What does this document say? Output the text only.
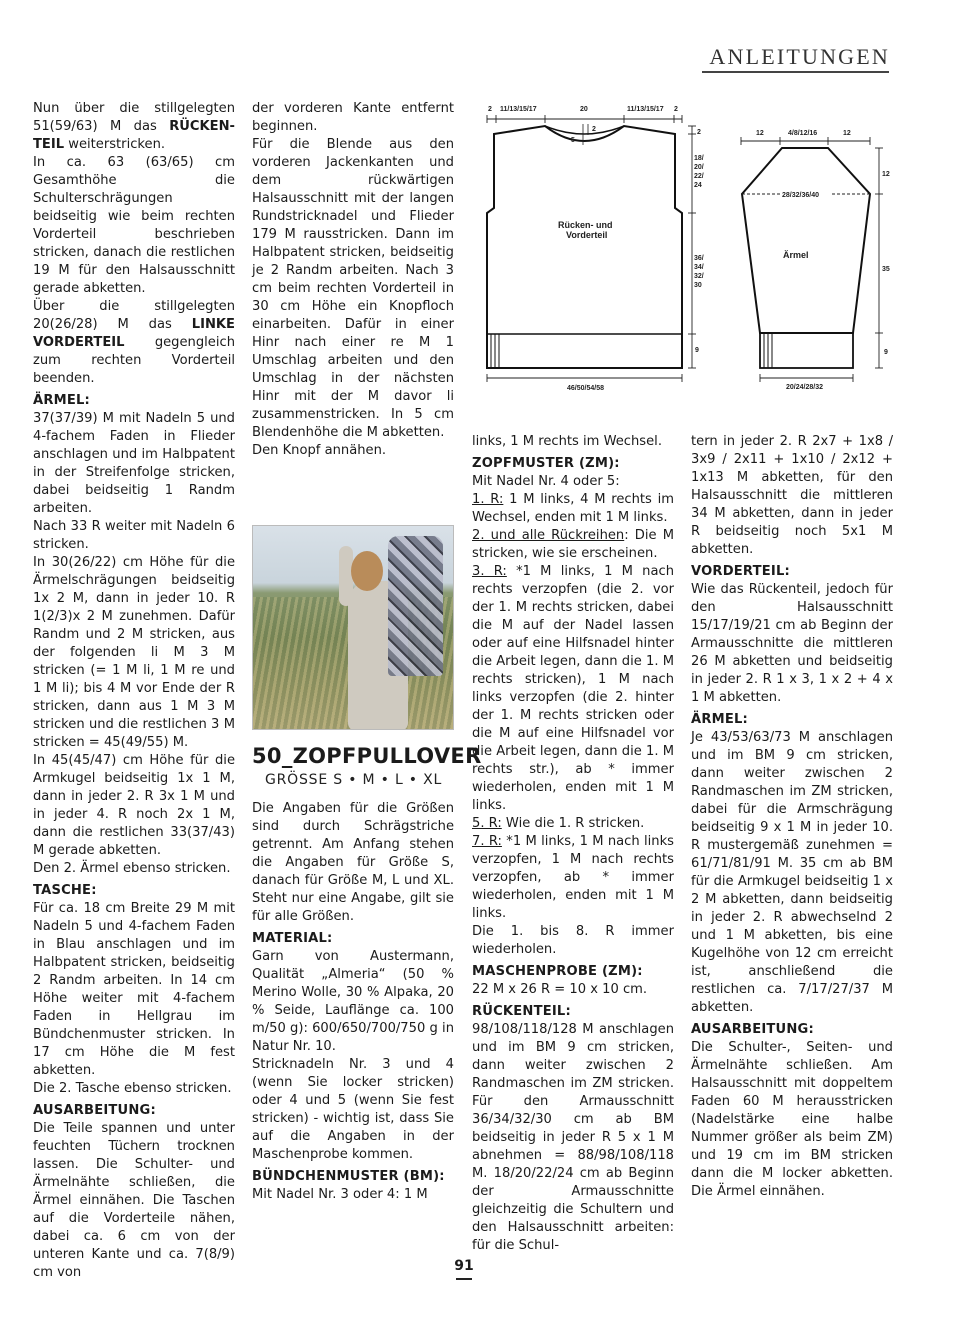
ANLEITUNGEN

Nun über die stillgelegten 51(59/63) M das RÜCKEN-TEIL weiterstricken.

In ca. 63 (63/65) cm Gesamthöhe die Schulterschrägungen beidseitig wie beim rechten Vorderteil beschrieben stricken, danach die restlichen 19 M für den Halsausschnitt gerade abketten.

Über die stillgelegten 20(26/28) M das LINKE VORDERTEIL gegengleich zum rechten Vorderteil beenden.

ÄRMEL:

37(37/39) M mit Nadeln 5 und 4-fachem Faden in Flieder anschlagen und im Halbpatent in der Streifenfolge stricken, dabei beidseitig 1 Randm arbeiten.

Nach 33 R weiter mit Nadeln 6 stricken.

In 30(26/22) cm Höhe für die Ärmelschrägungen beidseitig 1x 2 M, dann in jeder 10. R 1(2/3)x 2 M zunehmen. Dafür Randm und 2 M stricken, aus der folgenden li M 3 M stricken (= 1 M li, 1 M re und 1 M li); bis 4 M vor Ende der R stricken, dann aus 1 M 3 M stricken und die restlichen 3 M stricken = 45(49/55) M.

In 45(45/47) cm Höhe für die Armkugel beidseitig 1x 1 M, dann in jeder 2. R 3x 1 M und in jeder 4. R noch 2x 1 M, dann die restlichen 33(37/43) M gerade abketten.

Den 2. Ärmel ebenso stricken.

TASCHE:

Für ca. 18 cm Breite 29 M mit Nadeln 5 und 4-fachem Faden in Blau anschlagen und im Halbpatent stricken, beidseitig 2 Randm arbeiten. In 14 cm Höhe weiter mit 4-fachem Faden in Hellgrau im Bündchenmuster stricken. In 17 cm Höhe die M fest abketten.

Die 2. Tasche ebenso stricken.

AUSARBEITUNG:

Die Teile spannen und unter feuchten Tüchern trocknen lassen. Die Schulter- und Ärmelnähte schließen, die Ärmel einnähen. Die Taschen auf die Vorderteile nähen, dabei ca. 6 cm von der unteren Kante und ca. 7(8/9) cm von

der vorderen Kante entfernt beginnen.

Für die Blende aus den vorderen Jackenkanten und dem rückwärtigen Halsausschnitt mit der langen Rundstricknadel und Flieder 179 M rausstricken. Dann im Halbpatent stricken, beidseitig je 2 Randm arbeiten. Nach 3 cm beim rechten Vorderteil in 30 cm Höhe ein Knopfloch einarbeiten. Dafür in einer Hinr nach einer re M 1 Umschlag arbeiten und den Umschlag in der nächsten Hinr mit der M davor li zusammenstricken. In 5 cm Blendenhöhe die M abketten.

Den Knopf annähen.

50_ZOPFPULLOVER
GRÖSSE S • M • L • XL

Die Angaben für die Größen sind durch Schrägstriche getrennt. Am Anfang stehen die Angaben für Größe S, danach für Größe M, L und XL. Steht nur eine Angabe, gilt sie für alle Größen.

MATERIAL:

Garn von Austermann, Qualität „Almeria“ (50 % Merino Wolle, 30 % Alpaka, 20 % Seide, Lauflänge ca. 100 m/50 g): 600/650/700/750 g in Natur Nr. 10.

Stricknadeln Nr. 3 und 4 (wenn Sie locker stricken) oder 4 und 5 (wenn Sie fest stricken) - wichtig ist, dass Sie auf die Angaben in der Maschenprobe kommen.

BÜNDCHENMUSTER (BM):

Mit Nadel Nr. 3 oder 4: 1 M

links, 1 M rechts im Wechsel.

ZOPFMUSTER (ZM):

Mit Nadel Nr. 4 oder 5:

1. R: 1 M links, 4 M rechts im Wechsel, enden mit 1 M links.

2. und alle Rückreihen: Die M stricken, wie sie erscheinen.

3. R: *1 M links, 1 M nach rechts verzopfen (die 2. vor der 1. M rechts stricken, dabei die M auf der Nadel lassen oder auf eine Hilfsnadel hinter die Arbeit legen, dann die 1. M rechts stricken), 1 M nach links verzopfen (die 2. hinter der 1. M rechts stricken oder die M auf eine Hilfsnadel vor die Arbeit legen, dann die 1. M rechts str.), ab * immer wiederholen, enden mit 1 M links.

5. R: Wie die 1. R stricken.

7. R: *1 M links, 1 M nach links verzopfen, 1 M nach rechts verzopfen, ab * immer wiederholen, enden mit 1 M links.

Die 1. bis 8. R immer wiederholen.

MASCHENPROBE (ZM):

22 M x 26 R = 10 x 10 cm.

RÜCKENTEIL:

98/108/118/128 M anschlagen und im BM 9 cm stricken, dann weiter zwischen 2 Randmaschen im ZM stricken. Für den Armausschnitt 36/34/32/30 cm ab BM beidseitig in jeder R 5 x 1 M abnehmen = 88/98/108/118 M. 18/20/22/24 cm ab Beginn der Armausschnitte gleichzeitig die Schultern und den Halsausschnitt arbeiten: für die Schul-

tern in jeder 2. R 2x7 + 1x8 / 3x9 / 2x11 + 1x10 / 2x12 + 1x13 M abketten, für den Halsausschnitt die mittleren 34 M abketten, dann in jeder R beidseitig noch 5x1 M abketten.

VORDERTEIL:

Wie das Rückenteil, jedoch für den Halsausschnitt 15/17/19/21 cm ab Beginn der Armausschnitte die mittleren 26 M abketten und beidseitig in jeder 2. R 1 x 3, 1 x 2 + 4 x 1 M abketten.

ÄRMEL:

Je 43/53/63/73 M anschlagen und im BM 9 cm stricken, dann weiter zwischen 2 Randmaschen im ZM stricken, dabei für die Armschrägung beidseitig 9 x 1 M in jeder 10. R mustergemäß zunehmen = 61/71/81/91 M. 35 cm ab BM für die Armkugel beidseitig 1 x 2 M abketten, dann beidseitig in jeder 2. R abwechselnd 2 und 1 M abketten, bis eine Kugelhöhe von 12 cm erreicht ist, anschließend die restlichen ca. 7/17/27/37 M abketten.

AUSARBEITUNG:

Die Schulter-, Seiten- und Ärmelnähte schließen. Am Halsausschnitt mit doppeltem Faden 60 M herausstricken (Nadelstärke eine halbe Nummer größer als beim ZM) und 19 cm im BM stricken dann die M locker abketten. Die Ärmel einnähen.

2 11/13/15/17	20	11/13/15/17 2
2
5
Rücken- und
Vorderteil
2
18/
20/
22/
24
36/
34/
32/
30
9
46/50/54/58
12	4/8/12/16	12
28/32/36/40
Ärmel
12
35
9
20/24/28/32
91
